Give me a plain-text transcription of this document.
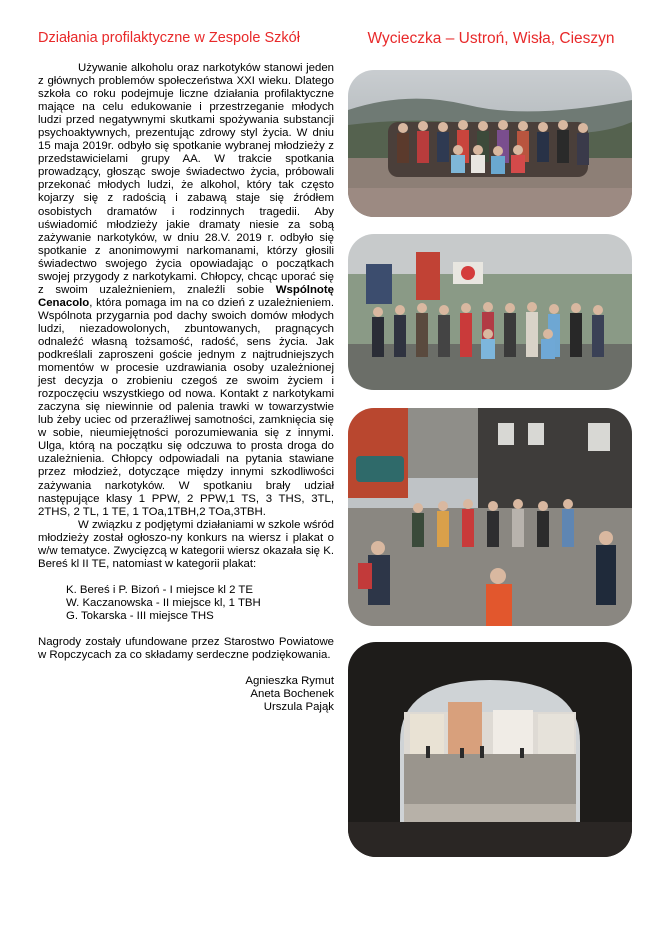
Działania profilaktyczne w Zespole Szkół	Wycieczka – Ustroń, Wisła, Cieszyn

Używanie alkoholu oraz narkotyków stanowi jeden z głównych problemów społeczeństwa XXI wieku. Dlatego szkoła co roku podejmuje liczne działania profilaktyczne mające na celu edukowanie i przestrzeganie młodych ludzi przed negatywnymi skutkami spożywania substancji psychoaktywnych, prezentując zdrowy styl życia. W dniu 15 maja 2019r. odbyło się spotkanie wybranej młodzieży z przedstawicielami grupy AA. W trakcie spotkania prowadzący, głosząc swoje świadectwo życia, próbowali przekonać młodych ludzi, że alkohol, który tak często kojarzy się z radością i zabawą staje się źródłem osobistych dramatów i rodzinnych tragedii. Aby uświadomić młodzieży jakie dramaty niesie za sobą zażywanie narkotyków, w dniu 28.V. 2019 r. odbyło się spotkanie z anonimowymi narkomanami, którzy głosili świadectwo swojego życia opowiadając o początkach swojej przygody z narkotykami. Chłopcy, chcąc uporać się z swoim uzależnieniem, znaleźli sobie Wspólnotę Cenacolo, która pomaga im na co dzień z uzależnieniem. Wspólnota przygarnia pod dachy swoich domów młodych ludzi, niezadowolonych, zbuntowanych, pragnących odnaleźć własną tożsamość, radość, sens życia. Jak podkreślali zaproszeni goście jednym z najtrudniejszych momentów w procesie uzdrawiania osoby uzależnionej jest decyzja o zrobieniu czegoś ze swoim życiem i rozpoczęciu wszystkiego od nowa. Kontakt z narkotykami zaczyna się niewinnie od palenia trawki w towarzystwie lub żeby uciec od przeraźliwej samotności, zamknięcia się w sobie, nieumiejętności porozumiewania się z innymi. Ulga, którą na początku się odczuwa to prosta droga do uzależnienia. Chłopcy odpowiadali na pytania stawiane przez młodzież, dotyczące między innymi szkodliwości zażywania narkotyków. W spotkaniu brały udział następujące klasy 1 PPW, 2 PPW,1 TS, 3 THS, 3TL, 2THS, 2 TL, 1 TE, 1 TOa,1TBH,2 TOa,3TBH.

W związku z podjętymi działaniami w szkole wśród młodzieży został ogłoszo-ny konkurs na wiersz i plakat o w/w tematyce. Zwycięzcą w kategorii wiersz okazała się K. Bereś kl II TE, natomiast w kategorii plakat:

K. Bereś i P. Bizoń - I miejsce kl 2 TE
W. Kaczanowska - II miejsce kl, 1 TBH
G. Tokarska - III miejsce THS

Nagrody zostały ufundowane przez Starostwo Powiatowe w Ropczycach za co składamy serdeczne podziękowania.

Agnieszka Rymut
Aneta Bochenek
Urszula Pająk
